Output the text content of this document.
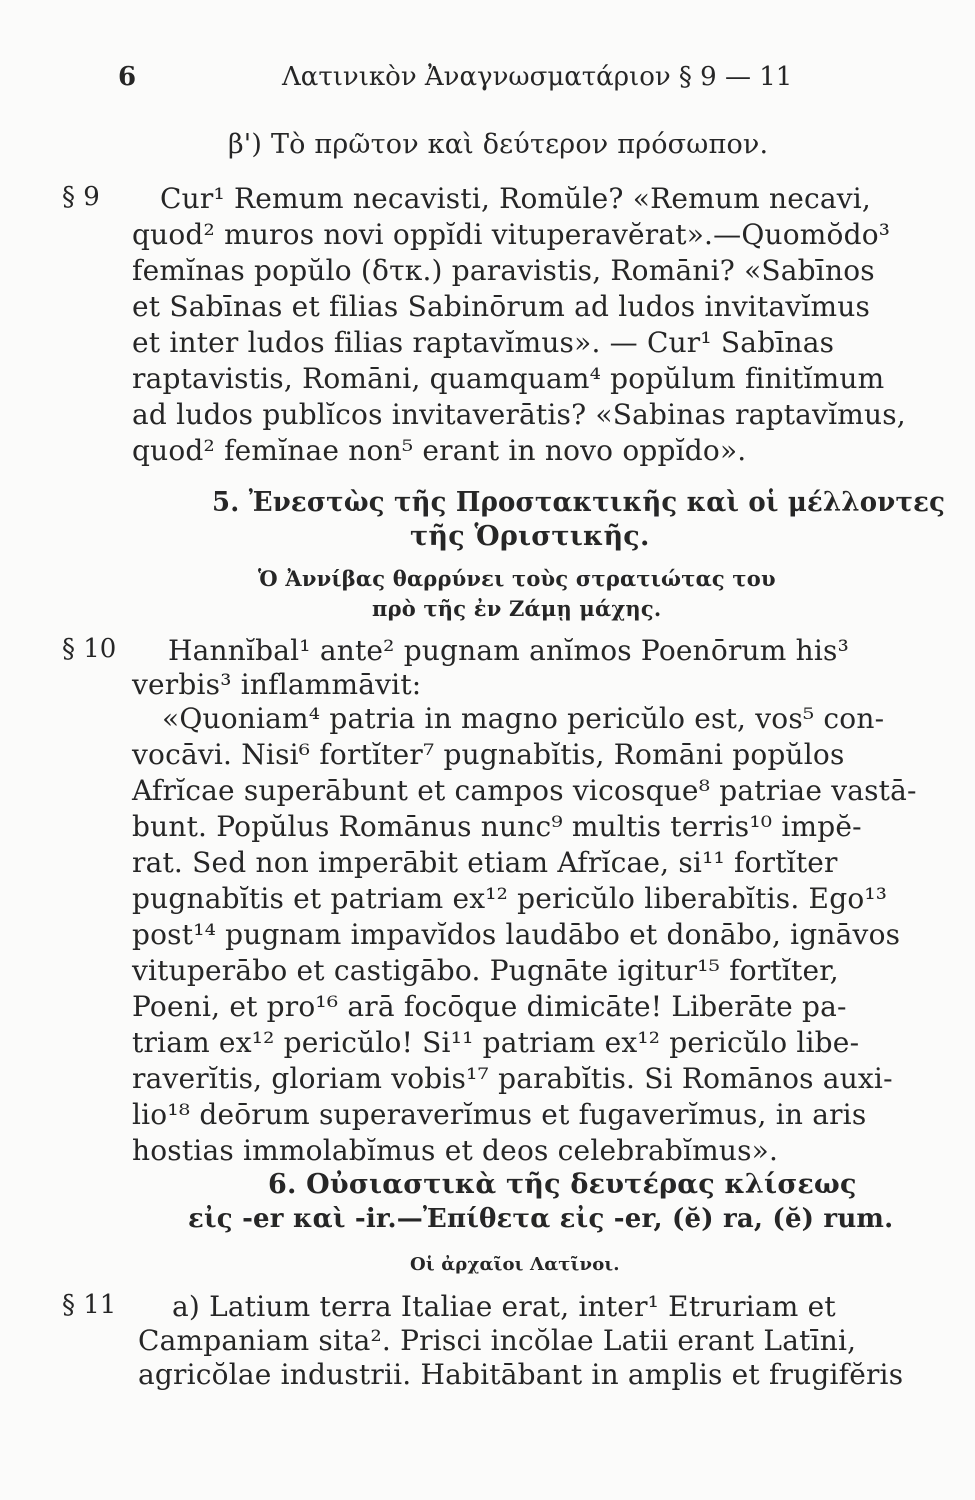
6	Λατινικὸν Ἀναγνωσματάριον § 9 — 11
β') Τὸ πρῶτον καὶ δεύτερον πρόσωπον.
§ 9 Cur¹ Remum necavisti, Romŭle? «Remum necavi,
quod² muros novi oppĭdi vituperavĕrat».—Quomŏdo³
femĭnas popŭlo (δτκ.) paravistis, Romāni? «Sabīnos
et Sabīnas et filias Sabinōrum ad ludos invitavĭmus
et inter ludos filias raptavĭmus». — Cur¹ Sabīnas
raptavistis, Romāni, quamquam⁴ popŭlum finitĭmum
ad ludos publĭcos invitaverātis? «Sabinas raptavĭmus,
quod² femĭnae non⁵ erant in novo oppĭdo».
5. Ἐνεστὼς τῆς Προστακτικῆς καὶ οἱ μέλλοντες
τῆς Ὁριστικῆς.
Ὁ Ἀννίβας θαρρύνει τοὺς στρατιώτας του
πρὸ τῆς ἐν Ζάμῃ μάχης.
§ 10 Hannĭbal¹ ante² pugnam anĭmos Poenōrum his³
verbis³ inflammāvit:
«Quoniam⁴ patria in magno pericŭlo est, vos⁵ con-
vocāvi. Nisi⁶ fortĭter⁷ pugnabĭtis, Romāni popŭlos
Afrĭcae superābunt et campos vicosque⁸ patriae vastā-
bunt. Popŭlus Romānus nunc⁹ multis terris¹⁰ impĕ-
rat. Sed non imperābit etiam Afrĭcae, si¹¹ fortĭter
pugnabĭtis et patriam ex¹² pericŭlo liberabĭtis. Ego¹³
post¹⁴ pugnam impavĭdos laudābo et donābo, ignāvos
vituperābo et castigābo. Pugnāte igitur¹⁵ fortĭter,
Poeni, et pro¹⁶ arā focōque dimicāte! Liberāte pa-
triam ex¹² pericŭlo! Si¹¹ patriam ex¹² pericŭlo libe-
raverĭtis, gloriam vobis¹⁷ parabĭtis. Si Romānos auxi-
lio¹⁸ deōrum superaverĭmus et fugaverĭmus, in aris
hostias immolabĭmus et deos celebrabĭmus».
6. Οὐσιαστικὰ τῆς δευτέρας κλίσεως
εἰς -er καὶ -ir.—Ἐπίθετα εἰς -er, (ĕ) ra, (ĕ) rum.
Οἱ ἀρχαῖοι Λατῖνοι.
§ 11 a) Latium terra Italiae erat, inter¹ Etruriam et
Campaniam sita². Prisci incŏlae Latii erant Latīni,
agricŏlae industrii. Habitābant in amplis et frugifĕris
